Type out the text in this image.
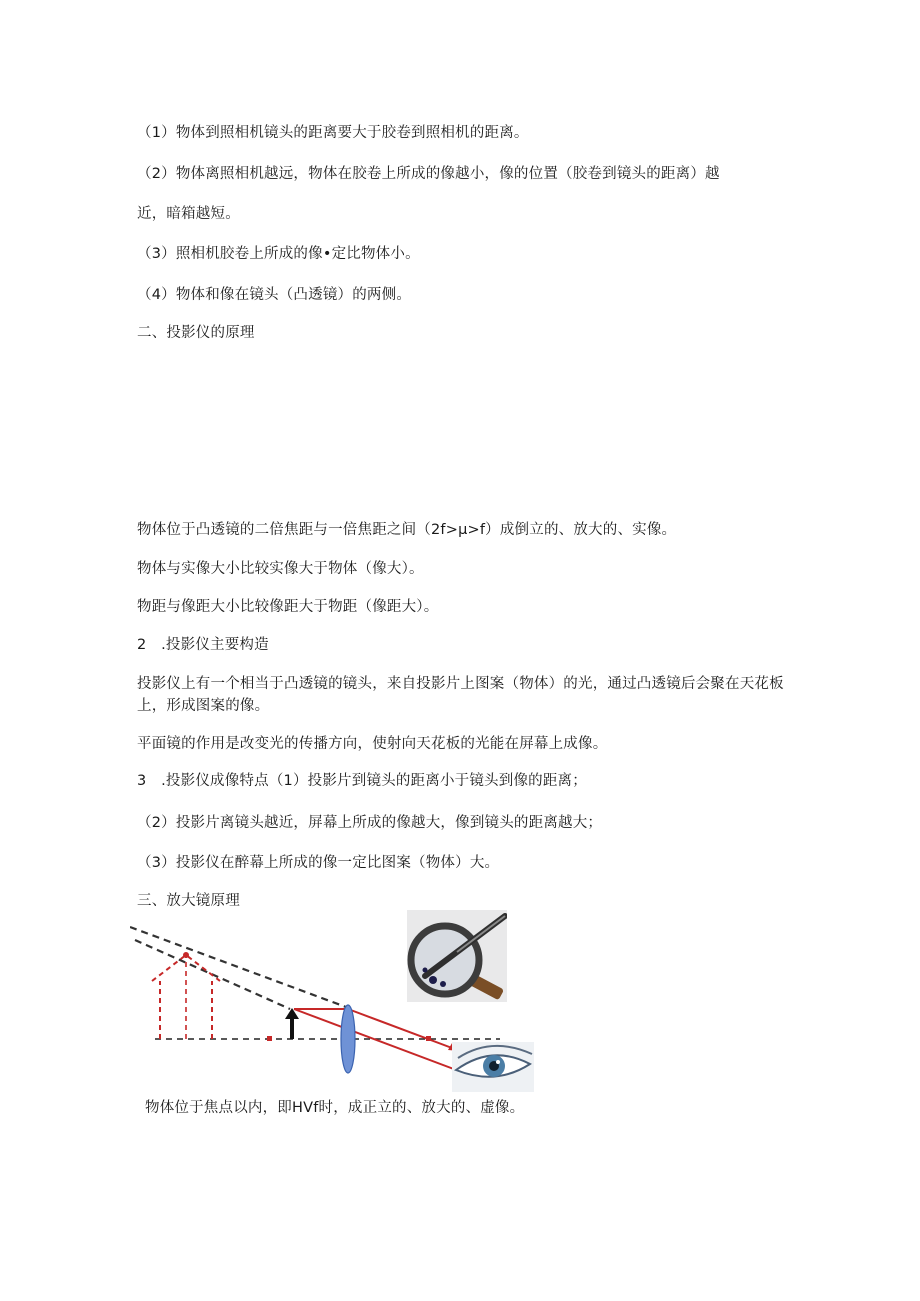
（1）物体到照相机镜头的距离要大于胶卷到照相机的距离。
（2）物体离照相机越远，物体在胶卷上所成的像越小，像的位置（胶卷到镜头的距离）越
近，暗箱越短。
（3）照相机胶卷上所成的像•定比物体小。
（4）物体和像在镜头（凸透镜）的两侧。
二、投影仪的原理
物体位于凸透镜的二倍焦距与一倍焦距之间（2f>μ>f）成倒立的、放大的、实像。
物体与实像大小比较实像大于物体（像大）。
物距与像距大小比较像距大于物距（像距大）。
2　.投影仪主要构造
投影仪上有一个相当于凸透镜的镜头，来自投影片上图案（物体）的光，通过凸透镜后会聚在天花板上，形成图案的像。
平面镜的作用是改变光的传播方向，使射向天花板的光能在屏幕上成像。
3　.投影仪成像特点（1）投影片到镜头的距离小于镜头到像的距离；
（2）投影片离镜头越近，屏幕上所成的像越大，像到镜头的距离越大；
（3）投影仪在醉幕上所成的像一定比图案（物体）大。
三、放大镜原理
物体位于焦点以内，即HVf时，成正立的、放大的、虚像。
